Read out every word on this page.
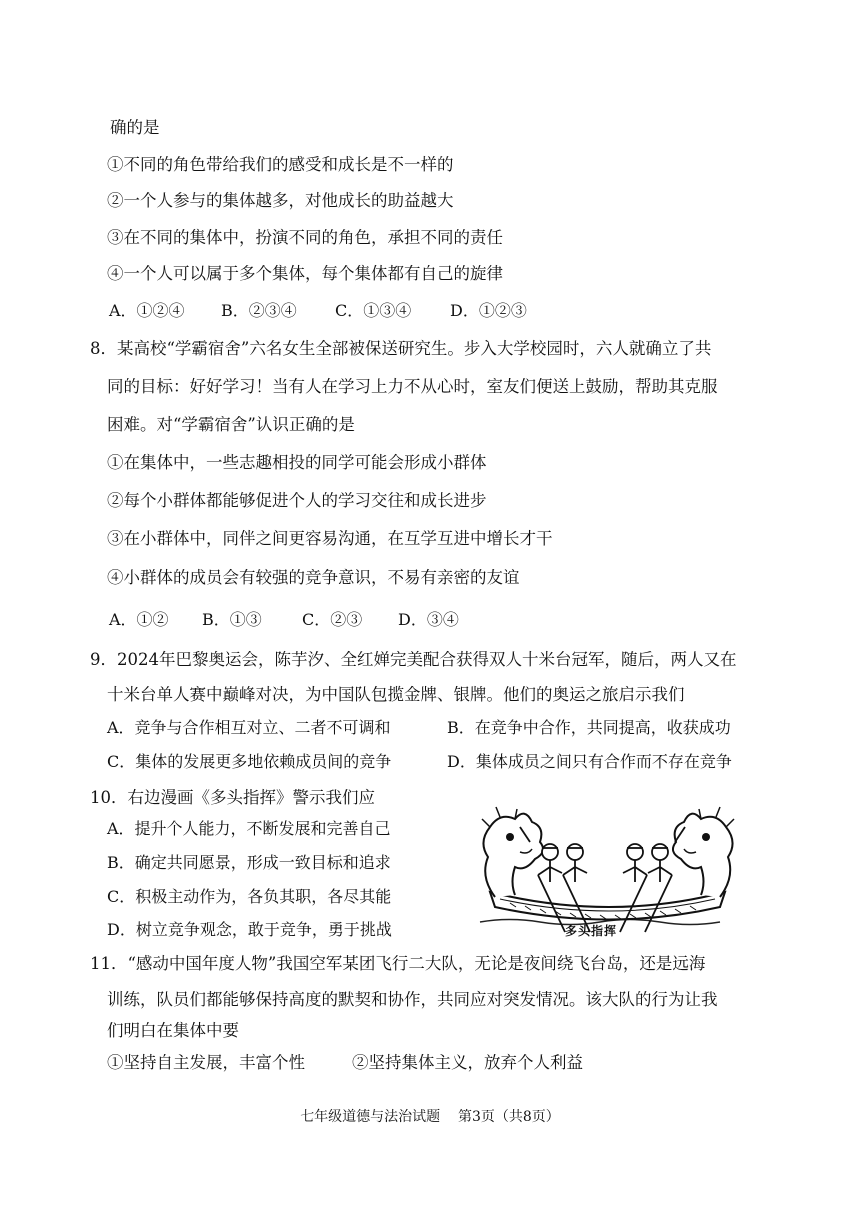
确的是
①不同的角色带给我们的感受和成长是不一样的
②一个人参与的集体越多，对他成长的助益越大
③在不同的集体中，扮演不同的角色，承担不同的责任
④一个人可以属于多个集体，每个集体都有自己的旋律
A．①②④ B．②③④ C．①③④ D．①②③
8．某高校“学霸宿舍”六名女生全部被保送研究生。步入大学校园时，六人就确立了共
同的目标：好好学习！当有人在学习上力不从心时，室友们便送上鼓励，帮助其克服
困难。对“学霸宿舍”认识正确的是
①在集体中，一些志趣相投的同学可能会形成小群体
②每个小群体都能够促进个人的学习交往和成长进步
③在小群体中，同伴之间更容易沟通，在互学互进中增长才干
④小群体的成员会有较强的竞争意识，不易有亲密的友谊
A．①② B．①③	C．②③ D．③④
9．2024年巴黎奥运会，陈芋汐、全红婵完美配合获得双人十米台冠军，随后，两人又在
十米台单人赛中巅峰对决，为中国队包揽金牌、银牌。他们的奥运之旅启示我们
A．竞争与合作相互对立、二者不可调和	B．在竞争中合作，共同提高，收获成功
C．集体的发展更多地依赖成员间的竞争	D．集体成员之间只有合作而不存在竞争
10．右边漫画《多头指挥》警示我们应
A．提升个人能力，不断发展和完善自己
B．确定共同愿景，形成一致目标和追求
C．积极主动作为，各负其职，各尽其能
D．树立竞争观念，敢于竞争，勇于挑战	多头指挥
11．“感动中国年度人物”我国空军某团飞行二大队，无论是夜间绕飞台岛，还是远海
训练，队员们都能够保持高度的默契和协作，共同应对突发情况。该大队的行为让我
们明白在集体中要
①坚持自主发展，丰富个性	②坚持集体主义，放弃个人利益
七年级道德与法治试题    第3页（共8页）
